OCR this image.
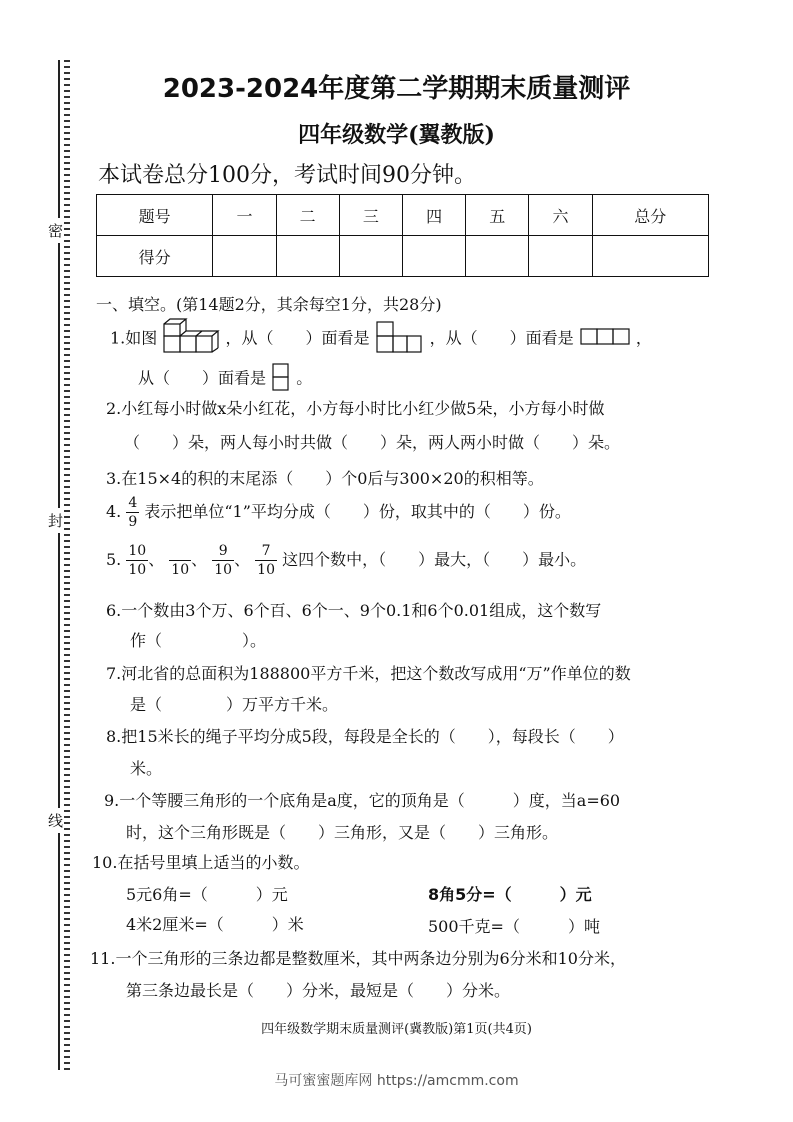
密
封
线
2023-2024年度第二学期期末质量测评
四年级数学(翼教版)
本试卷总分100分，考试时间90分钟。
题号	一	二	三	四	五	六	总分
得分							
一、填空。(第14题2分，其余每空1分，共28分)
1.如图	，从（　　）面看是	，从（　　）面看是	，
从（　　）面看是 。
2.小红每小时做x朵小红花，小方每小时比小红少做5朵，小方每小时做
（　　）朵，两人每小时共做（　　）朵，两人两小时做（　　）朵。
3.在15×4的积的末尾添（　　）个0后与300×20的积相等。
4. $\frac{4}{9}$ 表示把单位“1”平均分成（　　）份，取其中的（　　）份。
5. $\frac{10}{10}$ 、
10
、 $\frac{9}{10}$ 、 $\frac{7}{10}$ 这四个数中，（　　）最大，（　　）最小。
6.一个数由3个万、6个百、6个一、9个0.1和6个0.01组成，这个数写
作（　　　　　）。
7.河北省的总面积为188800平方千米，把这个数改写成用“万”作单位的数
是（　　　　）万平方千米。
8.把15米长的绳子平均分成5段，每段是全长的（　　），每段长（　　）
米。
9.一个等腰三角形的一个底角是a度，它的顶角是（　　　）度，当a=60
时，这个三角形既是（　　）三角形，又是（　　）三角形。
10.在括号里填上适当的小数。
5元6角=（　　　）元	8角5分=（　　　）元
4米2厘米=（　　　）米	500千克=（　　　）吨
11.一个三角形的三条边都是整数厘米，其中两条边分别为6分米和10分米，
第三条边最长是（　　）分米，最短是（　　）分米。
四年级数学期末质量测评(冀教版)第1页(共4页)
马可蜜蜜题库网 https://amcmm.com
